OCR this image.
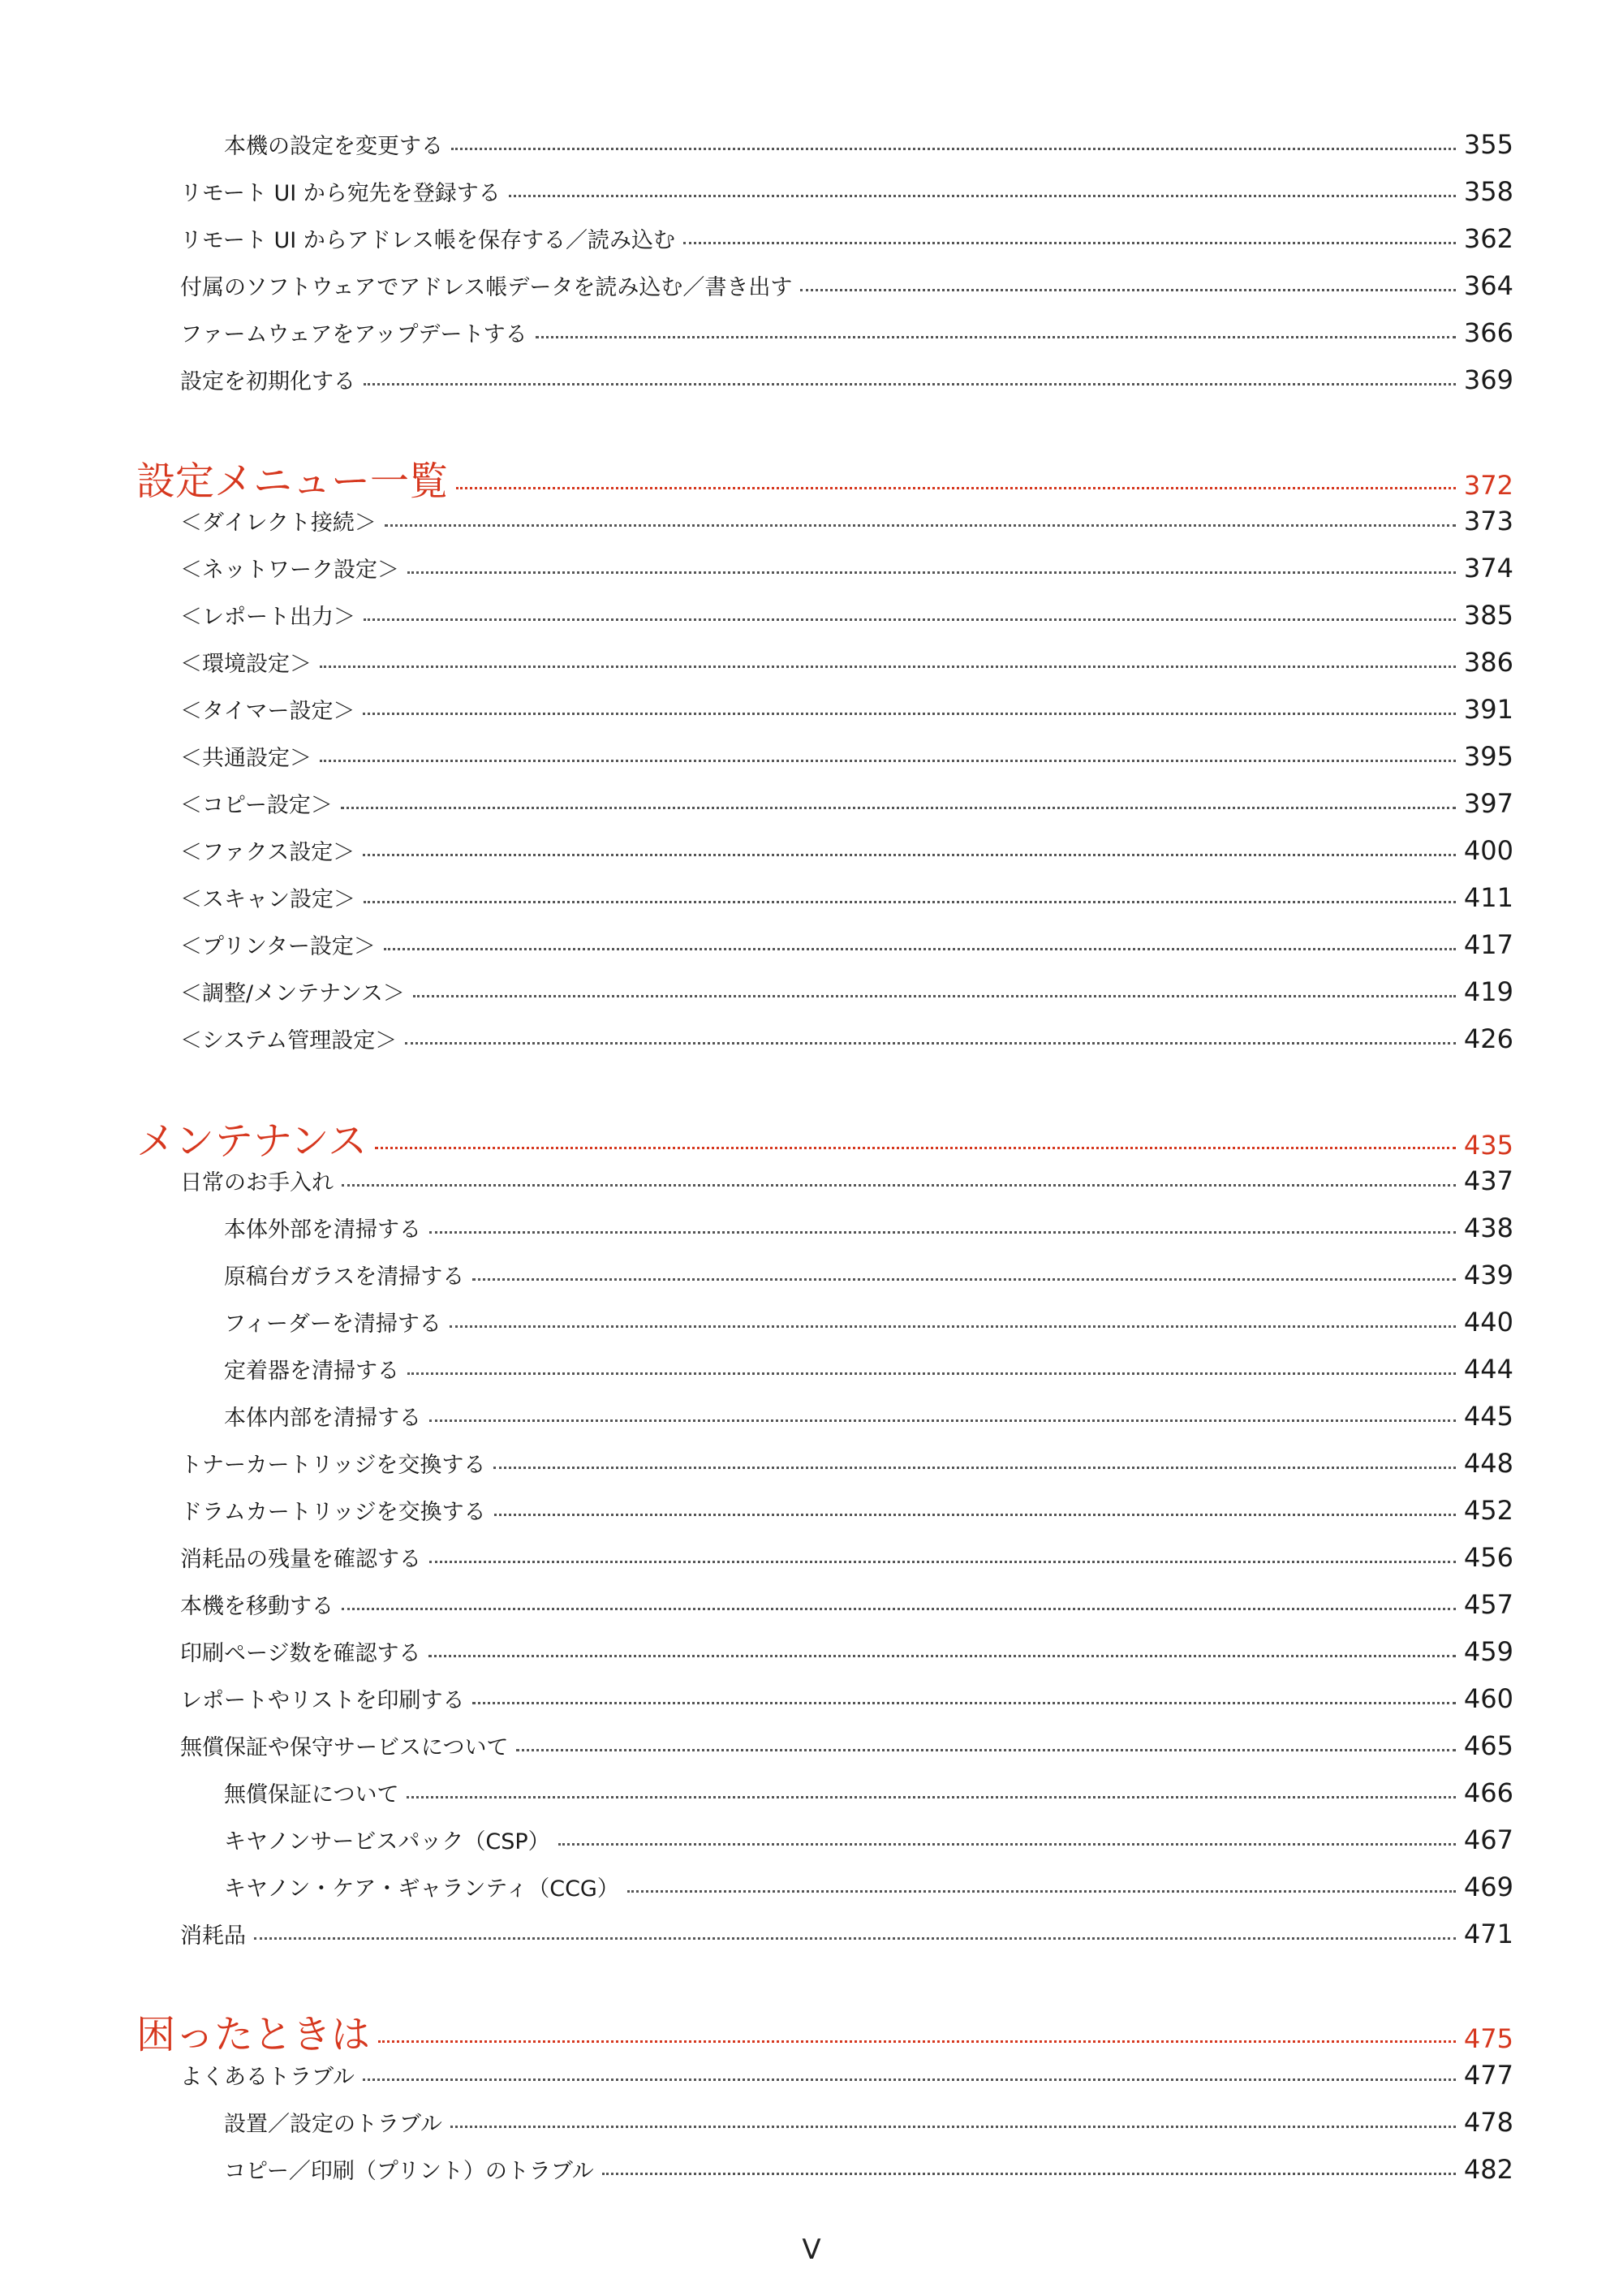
本機の設定を変更する	355
リモート UI から宛先を登録する	358
リモート UI からアドレス帳を保存する／読み込む	362
付属のソフトウェアでアドレス帳データを読み込む／書き出す	364
ファームウェアをアップデートする	366
設定を初期化する	369
設定メニュー一覧	372
＜ダイレクト接続＞	373
＜ネットワーク設定＞	374
＜レポート出力＞	385
＜環境設定＞	386
＜タイマー設定＞	391
＜共通設定＞	395
＜コピー設定＞	397
＜ファクス設定＞	400
＜スキャン設定＞	411
＜プリンター設定＞	417
＜調整/メンテナンス＞	419
＜システム管理設定＞	426
メンテナンス	435
日常のお手入れ	437
本体外部を清掃する	438
原稿台ガラスを清掃する	439
フィーダーを清掃する	440
定着器を清掃する	444
本体内部を清掃する	445
トナーカートリッジを交換する	448
ドラムカートリッジを交換する	452
消耗品の残量を確認する	456
本機を移動する	457
印刷ページ数を確認する	459
レポートやリストを印刷する	460
無償保証や保守サービスについて	465
無償保証について	466
キヤノンサービスパック（CSP）	467
キヤノン・ケア・ギャランティ（CCG）	469
消耗品	471
困ったときは	475
よくあるトラブル	477
設置／設定のトラブル	478
コピー／印刷（プリント）のトラブル	482
V
